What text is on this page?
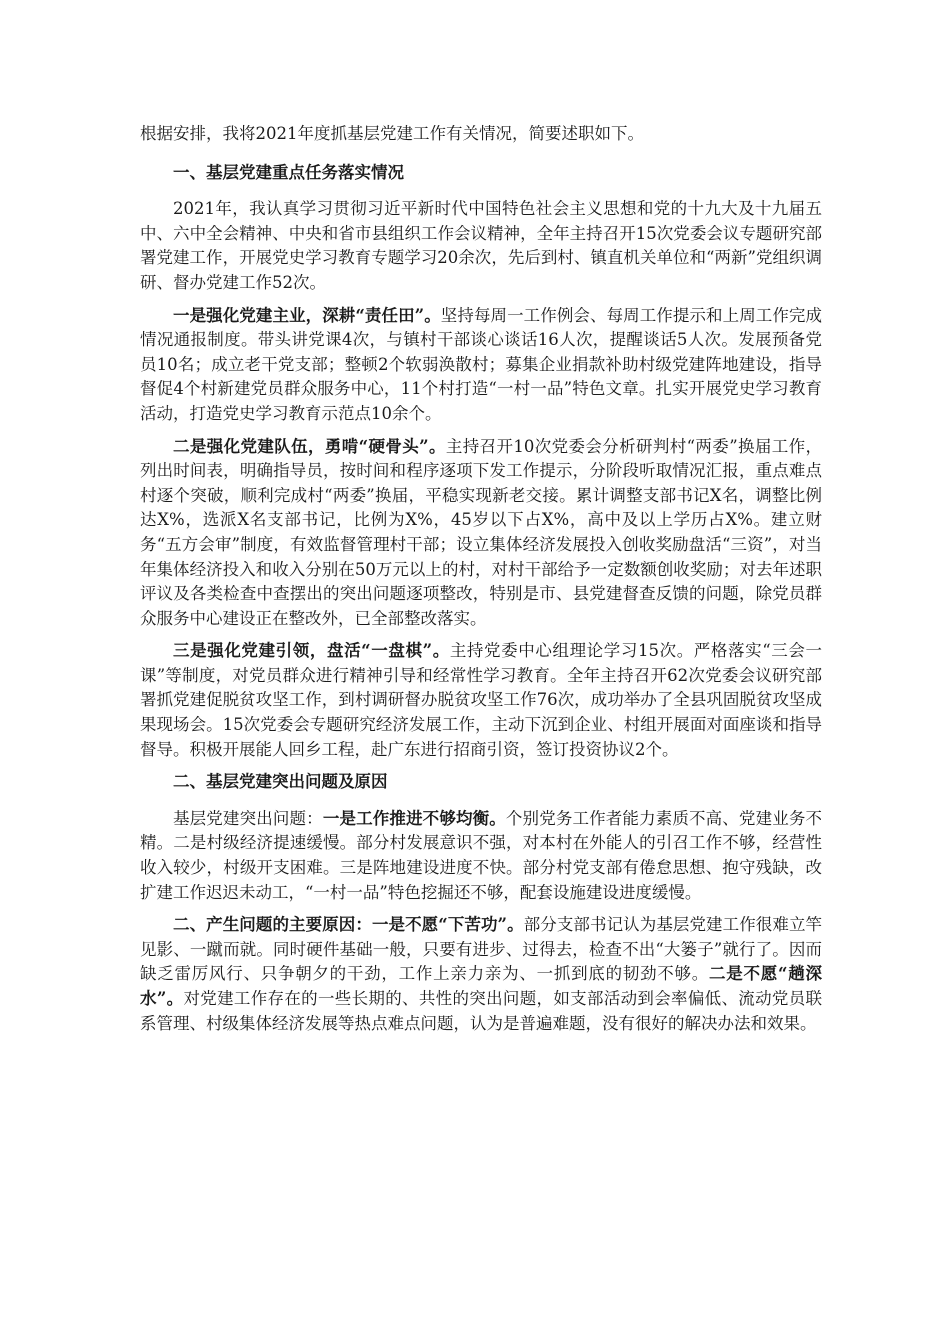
根据安排，我将2021年度抓基层党建工作有关情况，简要述职如下。

一、基层党建重点任务落实情况

2021年，我认真学习贯彻习近平新时代中国特色社会主义思想和党的十九大及十九届五中、六中全会精神、中央和省市县组织工作会议精神，全年主持召开15次党委会议专题研究部署党建工作，开展党史学习教育专题学习20余次，先后到村、镇直机关单位和“两新”党组织调研、督办党建工作52次。

一是强化党建主业，深耕“责任田”。坚持每周一工作例会、每周工作提示和上周工作完成情况通报制度。带头讲党课4次，与镇村干部谈心谈话16人次，提醒谈话5人次。发展预备党员10名；成立老干党支部；整顿2个软弱涣散村；募集企业捐款补助村级党建阵地建设，指导督促4个村新建党员群众服务中心，11个村打造“一村一品”特色文章。扎实开展党史学习教育活动，打造党史学习教育示范点10余个。

二是强化党建队伍，勇啃“硬骨头”。主持召开10次党委会分析研判村“两委”换届工作，列出时间表，明确指导员，按时间和程序逐项下发工作提示，分阶段听取情况汇报，重点难点村逐个突破，顺利完成村“两委”换届，平稳实现新老交接。累计调整支部书记X名，调整比例达X%，选派X名支部书记，比例为X%，45岁以下占X%，高中及以上学历占X%。建立财务“五方会审”制度，有效监督管理村干部；设立集体经济发展投入创收奖励盘活“三资”，对当年集体经济投入和收入分别在50万元以上的村，对村干部给予一定数额创收奖励；对去年述职评议及各类检查中查摆出的突出问题逐项整改，特别是市、县党建督查反馈的问题，除党员群众服务中心建设正在整改外，已全部整改落实。

三是强化党建引领，盘活“一盘棋”。主持党委中心组理论学习15次。严格落实“三会一课”等制度，对党员群众进行精神引导和经常性学习教育。全年主持召开62次党委会议研究部署抓党建促脱贫攻坚工作，到村调研督办脱贫攻坚工作76次，成功举办了全县巩固脱贫攻坚成果现场会。15次党委会专题研究经济发展工作，主动下沉到企业、村组开展面对面座谈和指导督导。积极开展能人回乡工程，赴广东进行招商引资，签订投资协议2个。

二、基层党建突出问题及原因

基层党建突出问题：一是工作推进不够均衡。个别党务工作者能力素质不高、党建业务不精。二是村级经济提速缓慢。部分村发展意识不强，对本村在外能人的引召工作不够，经营性收入较少，村级开支困难。三是阵地建设进度不快。部分村党支部有倦怠思想、抱守残缺，改扩建工作迟迟未动工，“一村一品”特色挖掘还不够，配套设施建设进度缓慢。

二、产生问题的主要原因：一是不愿“下苦功”。部分支部书记认为基层党建工作很难立竿见影、一蹴而就。同时硬件基础一般，只要有进步、过得去，检查不出“大篓子”就行了。因而缺乏雷厉风行、只争朝夕的干劲，工作上亲力亲为、一抓到底的韧劲不够。二是不愿“趟深水”。对党建工作存在的一些长期的、共性的突出问题，如支部活动到会率偏低、流动党员联系管理、村级集体经济发展等热点难点问题，认为是普遍难题，没有很好的解决办法和效果。
